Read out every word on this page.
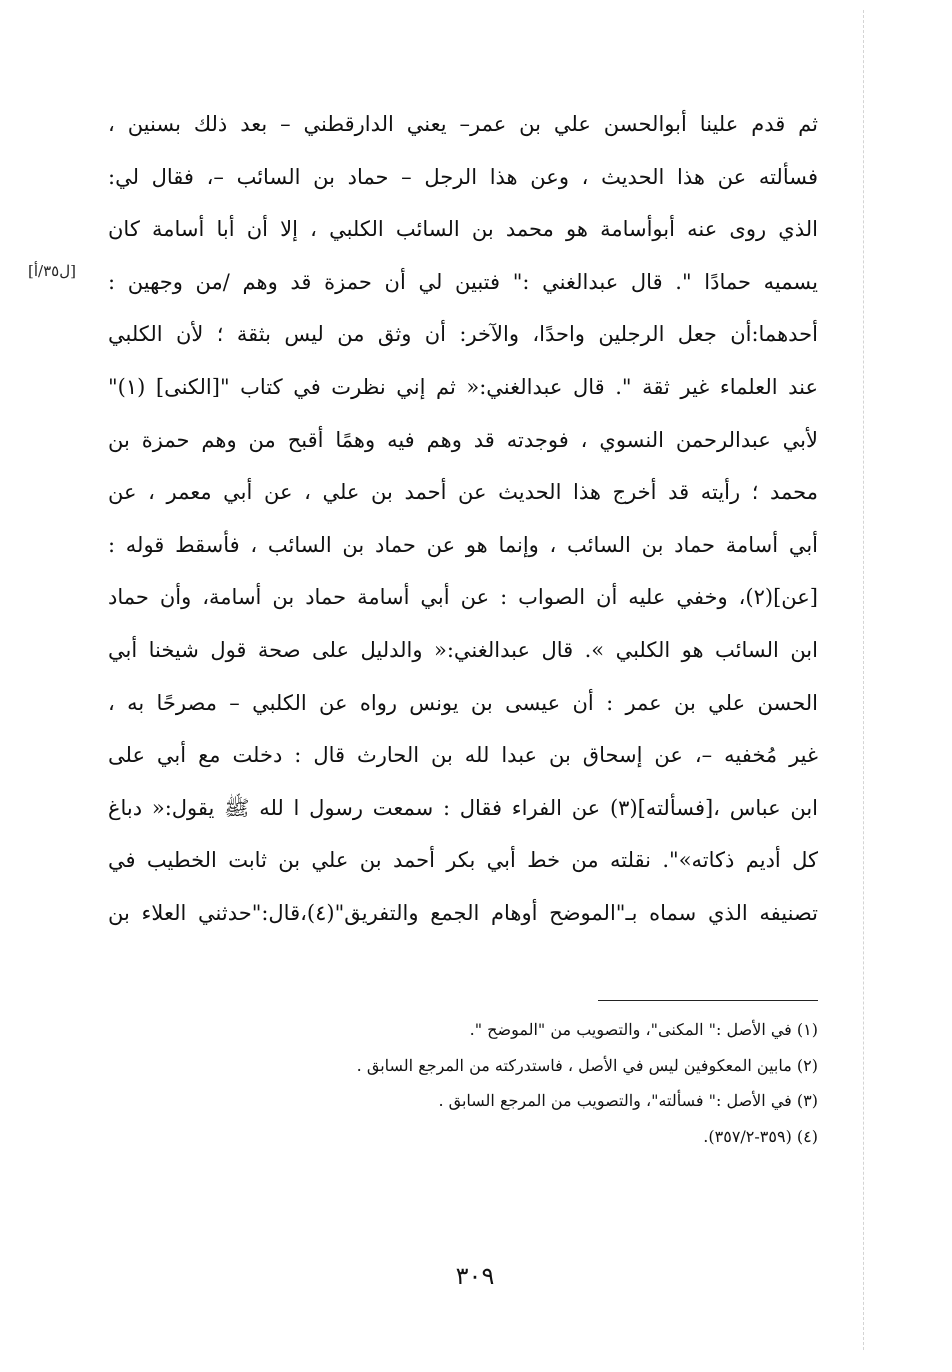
[ل٣٥/أ]
ثم قدم علينا أبوالحسن علي بن عمر– يعني الدارقطني – بعد ذلك بسنين ،
فسألته عن هذا الحديث ، وعن هذا الرجل – حماد بن السائب –، فقال لي:
الذي روى عنه أبوأسامة هو محمد بن السائب الكلبي ، إلا أن أبا أسامة كان
يسميه حمادًا ". قال عبدالغني :" فتبين لي أن حمزة قد وهم /من وجهين :
أحدهما:أن جعل الرجلين واحدًا، والآخر: أن وثق من ليس بثقة ؛ لأن الكلبي
عند العلماء غير ثقة ". قال عبدالغني:« ثم إني نظرت في كتاب "[الكنى] (١)"
لأبي عبدالرحمن النسوي ، فوجدته قد وهم فيه وهمًا أقبح من وهم حمزة بن
محمد ؛ رأيته قد أخرج هذا الحديث عن أحمد بن علي ، عن أبي معمر ، عن
أبي أسامة حماد بن السائب ، وإنما هو عن حماد بن السائب ، فأسقط قوله :
[عن](٢)، وخفي عليه أن الصواب : عن أبي أسامة حماد بن أسامة، وأن حماد
ابن السائب هو الكلبي ». قال عبدالغني:« والدليل على صحة قول شيخنا أبي
الحسن علي بن عمر : أن عيسى بن يونس رواه عن الكلبي – مصرحًا به ،
غير مُخفيه –، عن إسحاق بن عبدا لله بن الحارث قال : دخلت مع أبي على
ابن عباس ،[فسألته](٣) عن الفراء فقال : سمعت رسول ا لله ﷺ يقول:« دباغ
كل أديم ذكاته»". نقلته من خط أبي بكر أحمد بن علي بن ثابت الخطيب في
تصنيفه الذي سماه بـ"الموضح أوهام الجمع والتفريق"(٤)،قال:"حدثني العلاء بن
(١) في الأصل :" المكنى"، والتصويب من "الموضح ".
(٢) مابين المعكوفين ليس في الأصل ، فاستدركته من المرجع السابق .
(٣) في الأصل :" فسألته"، والتصويب من المرجع السابق .
(٤) (٣٥٩-٣٥٧/٢).
٣٠٩
